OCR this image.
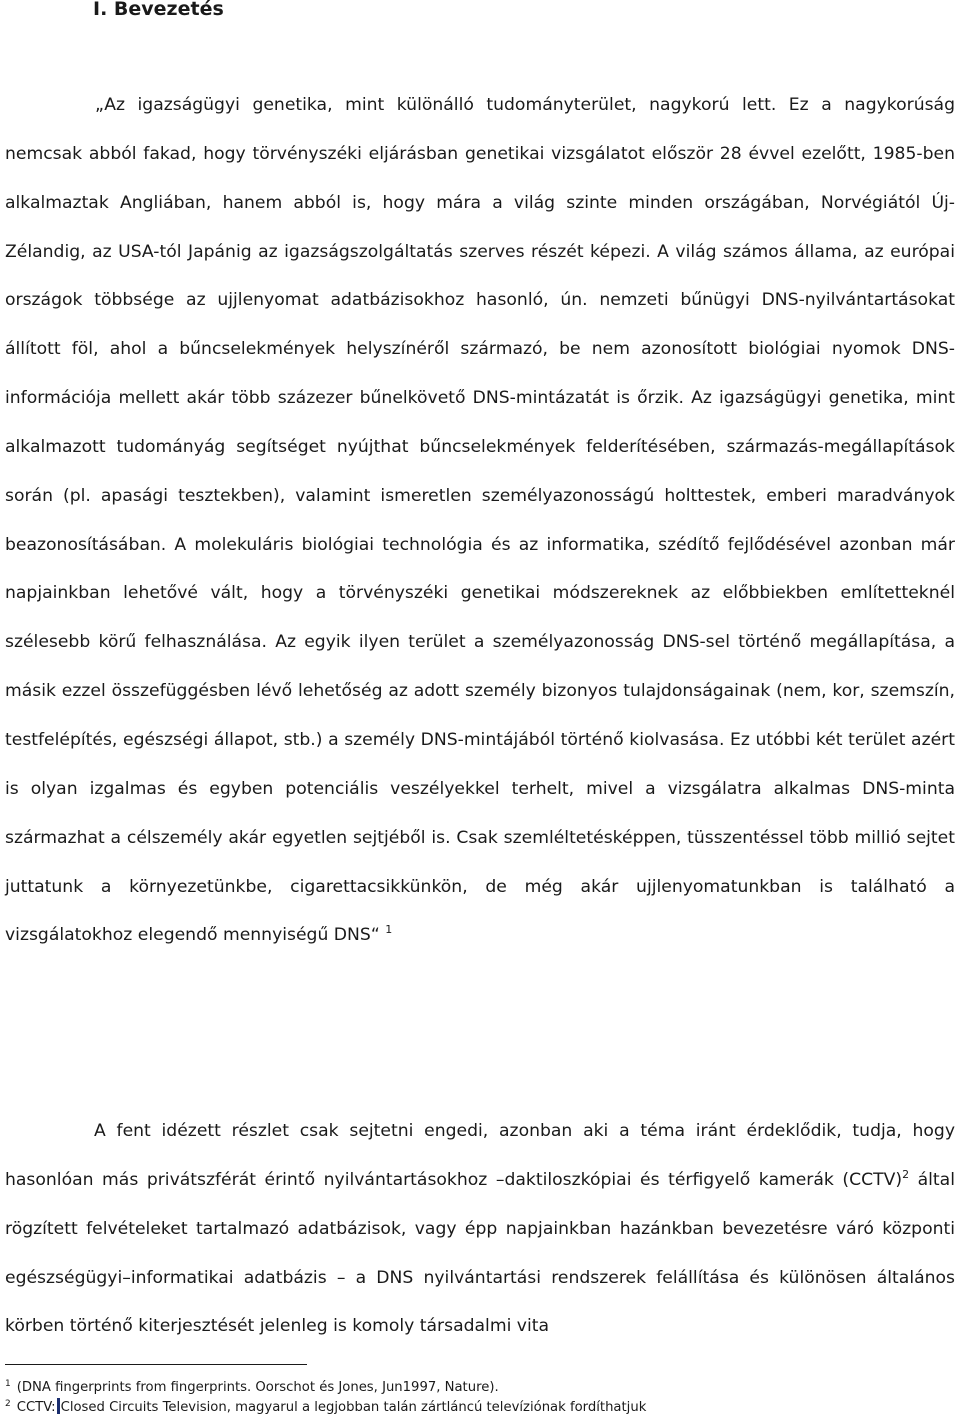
I. Bevezetés

„Az igazságügyi genetika, mint különálló tudományterület, nagykorú lett. Ez a nagykorúság nemcsak abból fakad, hogy törvényszéki eljárásban genetikai vizsgálatot először 28 évvel ezelőtt, 1985-ben alkalmaztak Angliában, hanem abból is, hogy mára a világ szinte minden országában, Norvégiától Új-Zélandig, az USA-tól Japánig az igazságszolgáltatás szerves részét képezi. A világ számos állama, az európai országok többsége az ujjlenyomat adatbázisokhoz hasonló, ún. nemzeti bűnügyi DNS-nyilvántartásokat állított föl, ahol a bűncselekmények helyszínéről származó, be nem azonosított biológiai nyomok DNS-információja mellett akár több százezer bűnelkövető DNS-mintázatát is őrzik. Az igazságügyi genetika, mint alkalmazott tudományág segítséget nyújthat bűncselekmények felderítésében, származás-megállapítások során (pl. apasági tesztekben), valamint ismeretlen személyazonosságú holttestek, emberi maradványok beazonosításában. A molekuláris biológiai technológia és az informatika, szédítő fejlődésével azonban már napjainkban lehetővé vált, hogy a törvényszéki genetikai módszereknek az előbbiekben említetteknél szélesebb körű felhasználása. Az egyik ilyen terület a személyazonosság DNS-sel történő megállapítása, a másik ezzel összefüggésben lévő lehetőség az adott személy bizonyos tulajdonságainak (nem, kor, szemszín, testfelépítés, egészségi állapot, stb.) a személy DNS-mintájából történő kiolvasása. Ez utóbbi két terület azért is olyan izgalmas és egyben potenciális veszélyekkel terhelt, mivel a vizsgálatra alkalmas DNS-minta származhat a célszemély akár egyetlen sejtjéből is. Csak szemléltetésképpen, tüsszentéssel több millió sejtet juttatunk a környezetünkbe, cigarettacsikkünkön, de még akár ujjlenyomatunkban is található a vizsgálatokhoz elegendő mennyiségű DNS“ $^1$

A fent idézett részlet csak sejtetni engedi, azonban aki a téma iránt érdeklődik, tudja, hogy hasonlóan más privátszférát érintő nyilvántartásokhoz –daktiloszkópiai és térfigyelő kamerák (CCTV)$^2$ által rögzített felvételeket tartalmazó adatbázisok, vagy épp napjainkban hazánkban bevezetésre váró központi egészségügyi–informatikai adatbázis – a DNS nyilvántartási rendszerek felállítása és különösen általános körben történő kiterjesztését jelenleg is komoly társadalmi vita

$^1$ (DNA fingerprints from fingerprints. Oorschot és Jones, Jun1997, Nature).
$^2$ CCTV: Closed Circuits Television, magyarul a legjobban talán zártláncú televíziónak fordíthatjuk
